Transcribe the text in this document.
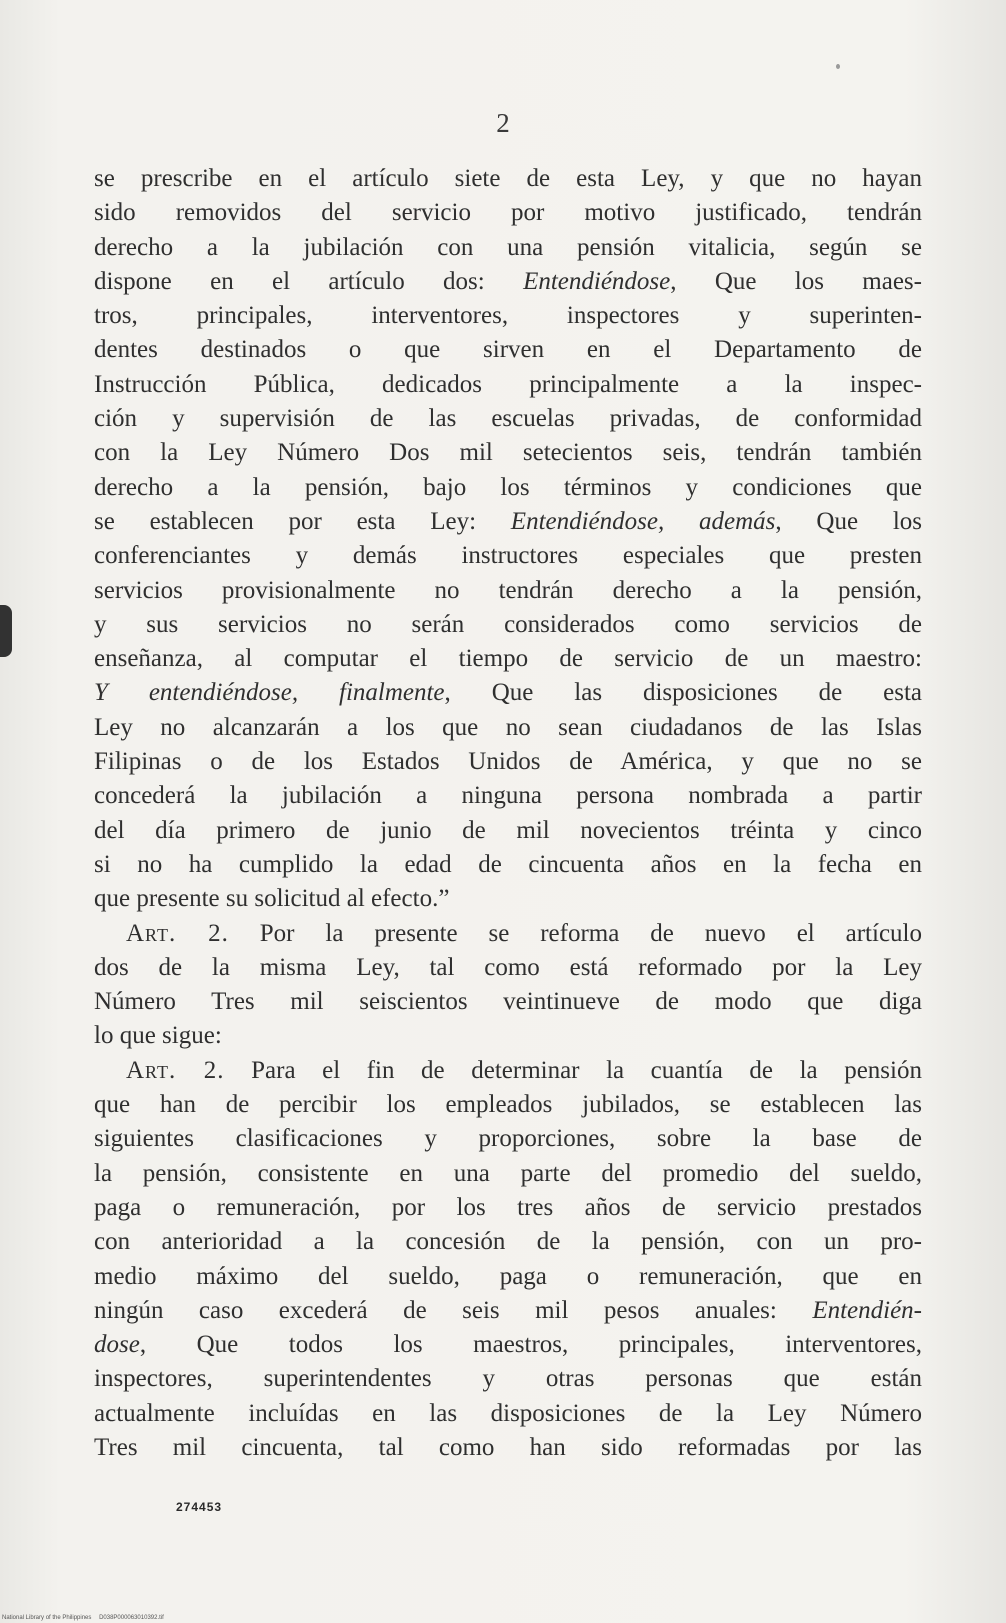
2
se prescribe en el artículo siete de esta Ley, y que no hayan
sido removidos del servicio por motivo justificado, tendrán
derecho a la jubilación con una pensión vitalicia, según se
dispone en el artículo dos: Entendiéndose, Que los maes-
tros, principales, interventores, inspectores y superinten-
dentes destinados o que sirven en el Departamento de
Instrucción Pública, dedicados principalmente a la inspec-
ción y supervisión de las escuelas privadas, de conformidad
con la Ley Número Dos mil setecientos seis, tendrán también
derecho a la pensión, bajo los términos y condiciones que
se establecen por esta Ley: Entendiéndose, además, Que los
conferenciantes y demás instructores especiales que presten
servicios provisionalmente no tendrán derecho a la pensión,
y sus servicios no serán considerados como servicios de
enseñanza, al computar el tiempo de servicio de un maestro:
Y entendiéndose, finalmente, Que las disposiciones de esta
Ley no alcanzarán a los que no sean ciudadanos de las Islas
Filipinas o de los Estados Unidos de América, y que no se
concederá la jubilación a ninguna persona nombrada a partir
del día primero de junio de mil novecientos tréinta y cinco
si no ha cumplido la edad de cincuenta años en la fecha en
que presente su solicitud al efecto.”
Art. 2. Por la presente se reforma de nuevo el artículo
dos de la misma Ley, tal como está reformado por la Ley
Número Tres mil seiscientos veintinueve de modo que diga
lo que sigue:
Art. 2. Para el fin de determinar la cuantía de la pensión
que han de percibir los empleados jubilados, se establecen las
siguientes clasificaciones y proporciones, sobre la base de
la pensión, consistente en una parte del promedio del sueldo,
paga o remuneración, por los tres años de servicio prestados
con anterioridad a la concesión de la pensión, con un pro-
medio máximo del sueldo, paga o remuneración, que en
ningún caso excederá de seis mil pesos anuales: Entendién-
dose, Que todos los maestros, principales, interventores,
inspectores, superintendentes y otras personas que están
actualmente incluídas en las disposiciones de la Ley Número
Tres mil cincuenta, tal como han sido reformadas por las
274453
National Library of the Philippines D038P000063010392.tif
